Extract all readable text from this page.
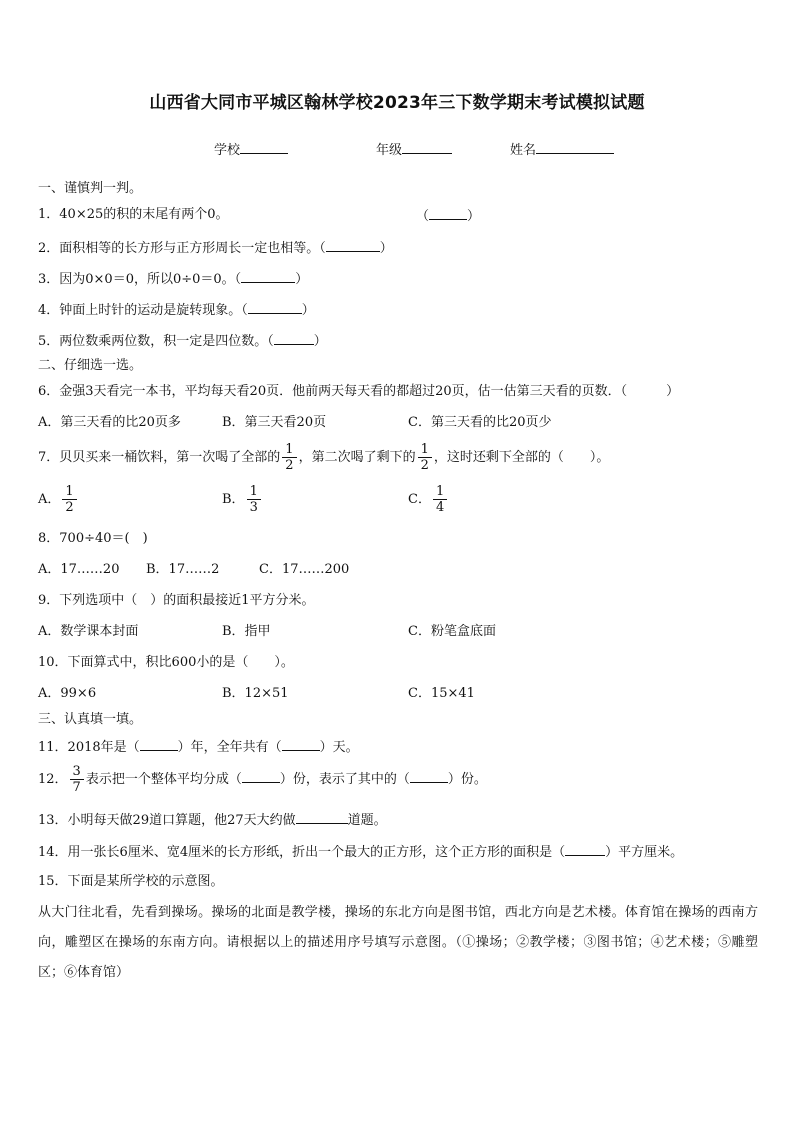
山西省大同市平城区翰林学校2023年三下数学期末考试模拟试题
学校	年级	姓名
一、谨慎判一判。
1．40×25的积的末尾有两个0。	（	）
2．面积相等的长方形与正方形周长一定也相等。（	）
3．因为0×0＝0，所以0÷0＝0。（	）
4．钟面上时针的运动是旋转现象。（	）
5．两位数乘两位数，积一定是四位数。（	）
二、仔细选一选。
6．金强3天看完一本书，平均每天看20页．他前两天每天看的都超过20页，估一估第三天看的页数．（　　　）
A．第三天看的比20页多	B．第三天看20页	C．第三天看的比20页少
7．贝贝买来一桶饮料，第一次喝了全部的 $\frac{1}{2}$ ，第二次喝了剩下的 $\frac{1}{2}$ ，这时还剩下全部的（　　）。
A． $\frac{1}{2}$	B． $\frac{1}{3}$	C． $\frac{1}{4}$
8．700÷40＝(　)
A．17……20 B．17……2	C．17……200
9．下列选项中（　）的面积最接近1平方分米。
A．数学课本封面	B．指甲	C．粉笔盒底面
10．下面算式中，积比600小的是（　　）。
A．99×6	B．12×51	C．15×41
三、认真填一填。
11．2018年是（	）年，全年共有（	）天。
12． $\frac{3}{7}$ 表示把一个整体平均分成（	）份，表示了其中的（	）份。
13．小明每天做29道口算题，他27天大约做	道题。
14．用一张长6厘米、宽4厘米的长方形纸，折出一个最大的正方形，这个正方形的面积是（	）平方厘米。
15．下面是某所学校的示意图。
从大门往北看，先看到操场。操场的北面是教学楼，操场的东北方向是图书馆，西北方向是艺术楼。体育馆在操场的西南方向，雕塑区在操场的东南方向。请根据以上的描述用序号填写示意图。（①操场；②教学楼；③图书馆；④艺术楼；⑤雕塑区；⑥体育馆）
